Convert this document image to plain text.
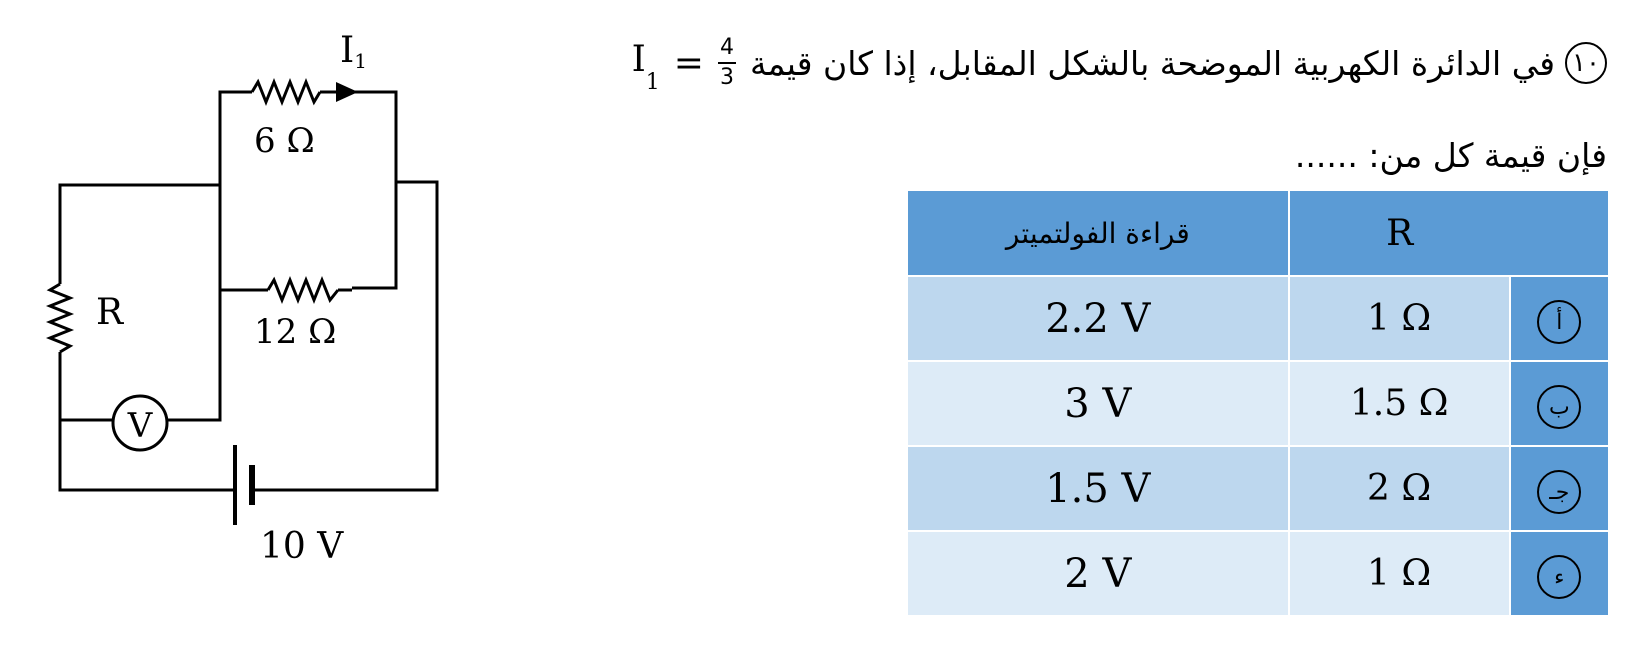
I1
6 Ω
12 Ω
R
V
10 V
١٠
في الدائرة الكهربية الموضحة بالشكل المقابل، إذا كان قيمة
$I_1 = \frac{4}{3}$
فإن قيمة كل من: ......
قراءة الفولتميتر	R	
2.2 V	1 Ω	أ
3 V	1.5 Ω	ب
1.5 V	2 Ω	جـ
2 V	1 Ω	ء
